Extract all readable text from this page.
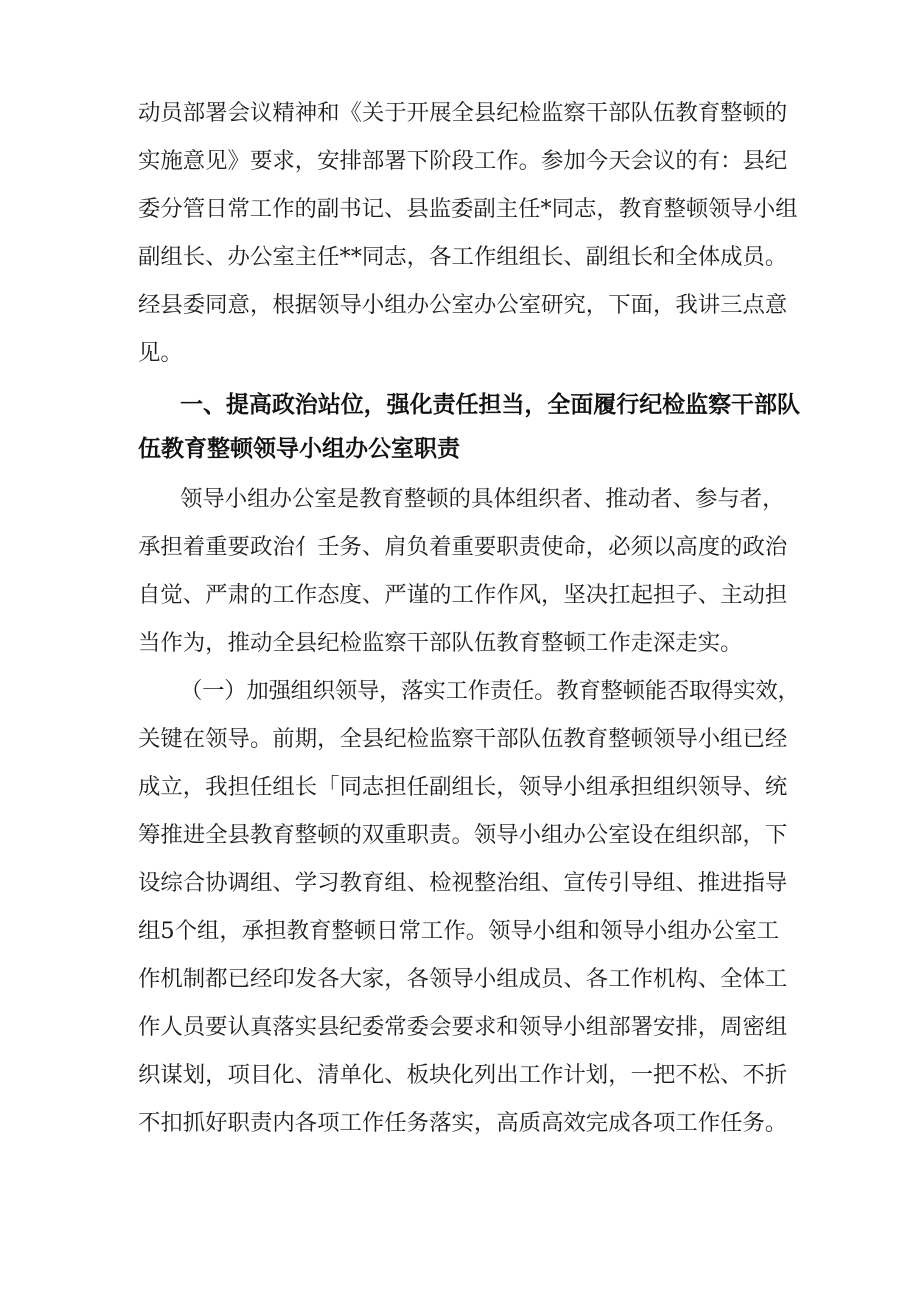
动员部署会议精神和《关于开展全县纪检监察干部队伍教育整顿的

实施意见》要求，安排部署下阶段工作。参加今天会议的有：县纪

委分管日常工作的副书记、县监委副主任*同志，教育整顿领导小组

副组长、办公室主任**同志，各工作组组长、副组长和全体成员。

经县委同意，根据领导小组办公室办公室研究，下面，我讲三点意

见。

一、提高政治站位，强化责任担当，全面履行纪检监察干部队

伍教育整顿领导小组办公室职责

领导小组办公室是教育整顿的具体组织者、推动者、参与者，

承担着重要政治亻壬务、肩负着重要职责使命，必须以高度的政治

自觉、严肃的工作态度、严谨的工作作风，坚决扛起担子、主动担

当作为，推动全县纪检监察干部队伍教育整顿工作走深走实。

（一）加强组织领导，落实工作责任。教育整顿能否取得实效，

关键在领导。前期，全县纪检监察干部队伍教育整顿领导小组已经

成立，我担任组长「同志担任副组长，领导小组承担组织领导、统

筹推进全县教育整顿的双重职责。领导小组办公室设在组织部，下

设综合协调组、学习教育组、检视整治组、宣传引导组、推进指导

组5个组，承担教育整顿日常工作。领导小组和领导小组办公室工

作机制都已经印发各大家，各领导小组成员、各工作机构、全体工

作人员要认真落实县纪委常委会要求和领导小组部署安排，周密组

织谋划，项目化、清单化、板块化列出工作计划，一把不松、不折

不扣抓好职责内各项工作任务落实，高质高效完成各项工作任务。
